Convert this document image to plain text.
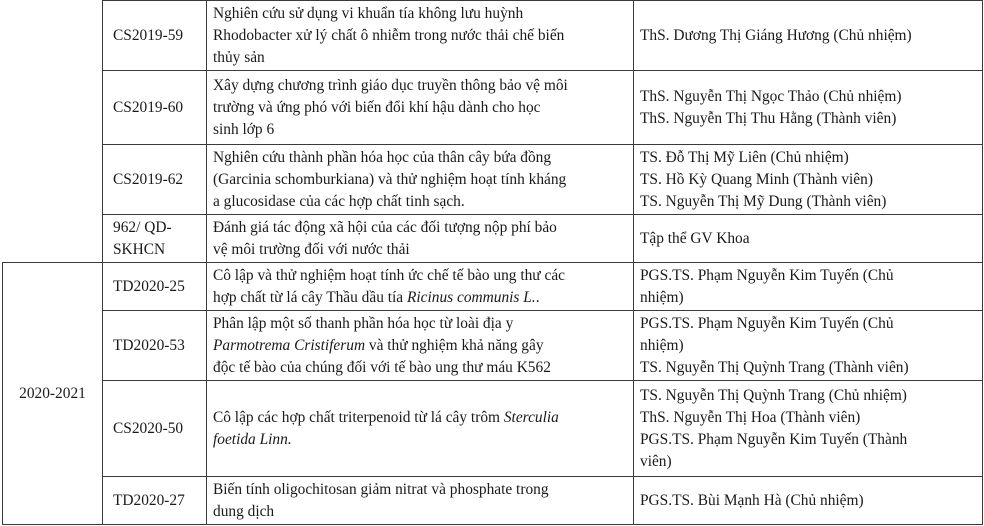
	CS2019-59	Nghiên cứu sử dụng vi khuẩn tía không lưu huỳnh
Rhodobacter xử lý chất ô nhiễm trong nước thải chế biến
thủy sản	ThS. Dương Thị Giáng Hương (Chủ nhiệm)

	CS2019-60	Xây dựng chương trình giáo dục truyền thông bảo vệ môi
trường và ứng phó với biến đổi khí hậu dành cho học
sinh lớp 6	ThS. Nguyễn Thị Ngọc Thảo (Chủ nhiệm)
ThS. Nguyễn Thị Thu Hằng (Thành viên)

	CS2019-62	Nghiên cứu thành phần hóa học của thân cây bứa đồng
(Garcinia schomburkiana) và thử nghiệm hoạt tính kháng
a glucosidase của các hợp chất tinh sạch.	TS. Đỗ Thị Mỹ Liên (Chủ nhiệm)
TS. Hồ Kỳ Quang Minh (Thành viên)
TS. Nguyễn Thị Mỹ Dung (Thành viên)

	962/ QD-
SKHCN	Đánh giá tác động xã hội của các đối tượng nộp phí bảo
vệ môi trường đối với nước thải	Tập thể GV Khoa

2020-2021	TD2020-25	Cô lập và thử nghiệm hoạt tính ức chế tế bào ung thư các
hợp chất từ lá cây Thầu dầu tía Ricinus communis L..	PGS.TS. Phạm Nguyễn Kim Tuyến (Chủ
nhiệm)

	TD2020-53	Phân lập một số thanh phần hóa học từ loài địa y
Parmotrema Cristiferum và thử nghiệm khả năng gây
độc tế bào của chúng đối với tế bào ung thư máu K562	PGS.TS. Phạm Nguyễn Kim Tuyến (Chủ
nhiệm)
TS. Nguyễn Thị Quỳnh Trang (Thành viên)

	CS2020-50	Cô lập các hợp chất triterpenoid từ lá cây trôm Sterculia
foetida Linn.	TS. Nguyễn Thị Quỳnh Trang (Chủ nhiệm)
ThS. Nguyễn Thị Hoa (Thành viên)
PGS.TS. Phạm Nguyễn Kim Tuyến (Thành
viên)

	TD2020-27	Biến tính oligochitosan giảm nitrat và phosphate trong
dung dịch	PGS.TS. Bùi Mạnh Hà (Chủ nhiệm)
